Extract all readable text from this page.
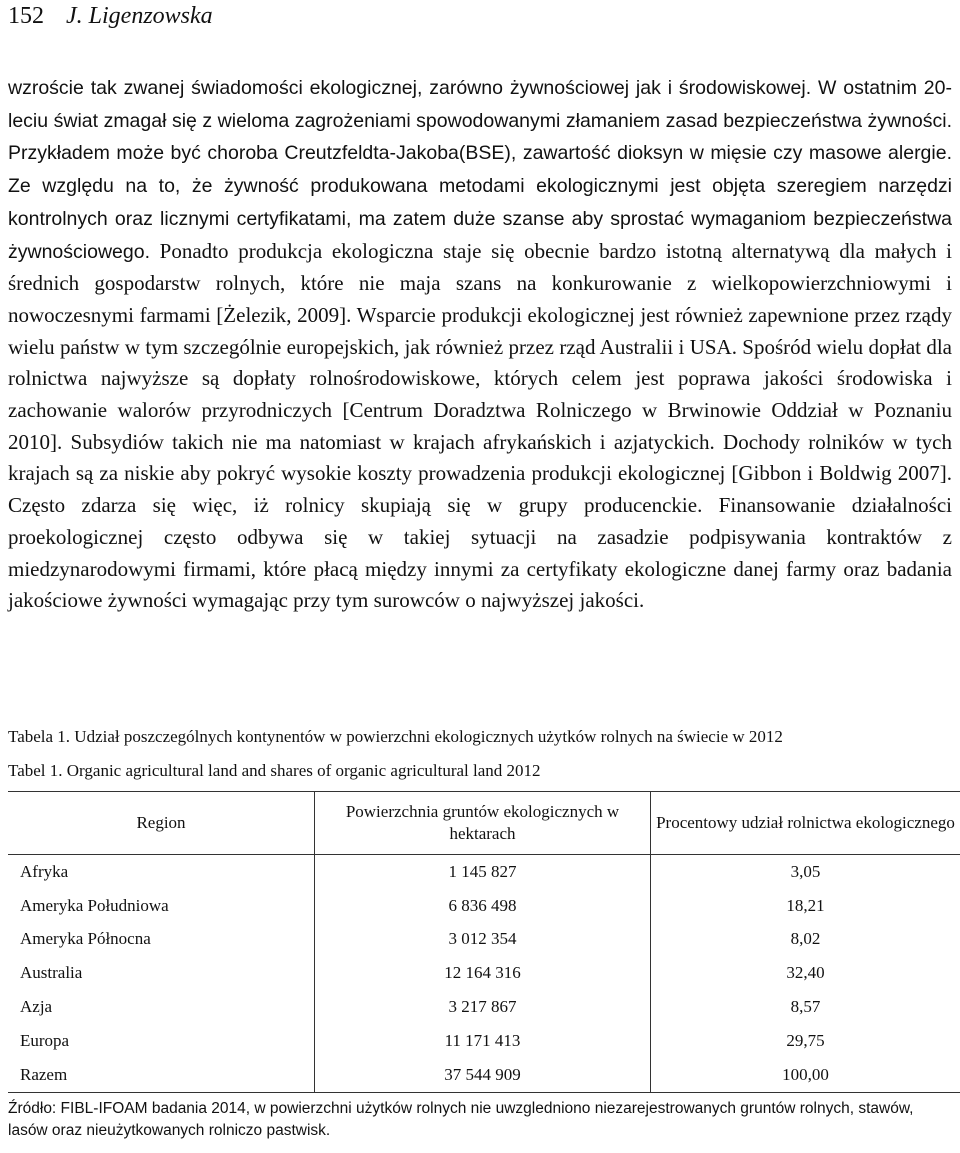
152 J. Ligenzowska

wzroście tak zwanej świadomości ekologicznej, zarówno żywnościowej jak i środowiskowej. W ostatnim 20-leciu świat zmagał się z wieloma zagrożeniami spowodowanymi złamaniem zasad bezpieczeństwa żywności. Przykładem może być choroba Creutzfeldta-Jakoba(BSE), zawartość dioksyn w mięsie czy masowe alergie. Ze względu na to, że żywność produkowana metodami ekologicznymi jest objęta szeregiem narzędzi kontrolnych oraz licznymi certyfikatami, ma zatem duże szanse aby sprostać wymaganiom bezpieczeństwa żywnościowego. Ponadto produkcja ekologiczna staje się obecnie bardzo istotną alternatywą dla małych i średnich gospodarstw rolnych, które nie maja szans na konkurowanie z wielkopowierzchniowymi i nowoczesnymi farmami [Żelezik, 2009]. Wsparcie produkcji ekologicznej jest również zapewnione przez rządy wielu państw w tym szczególnie europejskich, jak również przez rząd Australii i USA. Spośród wielu dopłat dla rolnictwa najwyższe są dopłaty rolnośrodowiskowe, których celem jest poprawa jakości środowiska i zachowanie walorów przyrodniczych [Centrum Doradztwa Rolniczego w Brwinowie Oddział w Poznaniu 2010]. Subsydiów takich nie ma natomiast w krajach afrykańskich i azjatyckich. Dochody rolników w tych krajach są za niskie aby pokryć wysokie koszty prowadzenia produkcji ekologicznej [Gibbon i Boldwig 2007]. Często zdarza się więc, iż rolnicy skupiają się w grupy producenckie. Finansowanie działalności proekologicznej często odbywa się w takiej sytuacji na zasadzie podpisywania kontraktów z miedzynarodowymi firmami, które płacą między innymi za certyfikaty ekologiczne danej farmy oraz badania jakościowe żywności wymagając przy tym surowców o najwyższej jakości.

Tabela 1. Udział poszczególnych kontynentów w powierzchni ekologicznych użytków rolnych na świecie w 2012

Tabel 1. Organic agricultural land and shares of organic agricultural land 2012

Region	Powierzchnia gruntów ekologicznych w hektarach	Procentowy udział rolnictwa ekologicznego
Afryka	1 145 827	3,05
Ameryka Południowa	6 836 498	18,21
Ameryka Północna	3 012 354	8,02
Australia	12 164 316	32,40
Azja	3 217 867	8,57
Europa	11 171 413	29,75
Razem	37 544 909	100,00

Źródło: FIBL-IFOAM badania 2014, w powierzchni użytków rolnych nie uwzgledniono niezarejestrowanych gruntów rolnych, stawów, lasów oraz nieużytkowanych rolniczo pastwisk.
